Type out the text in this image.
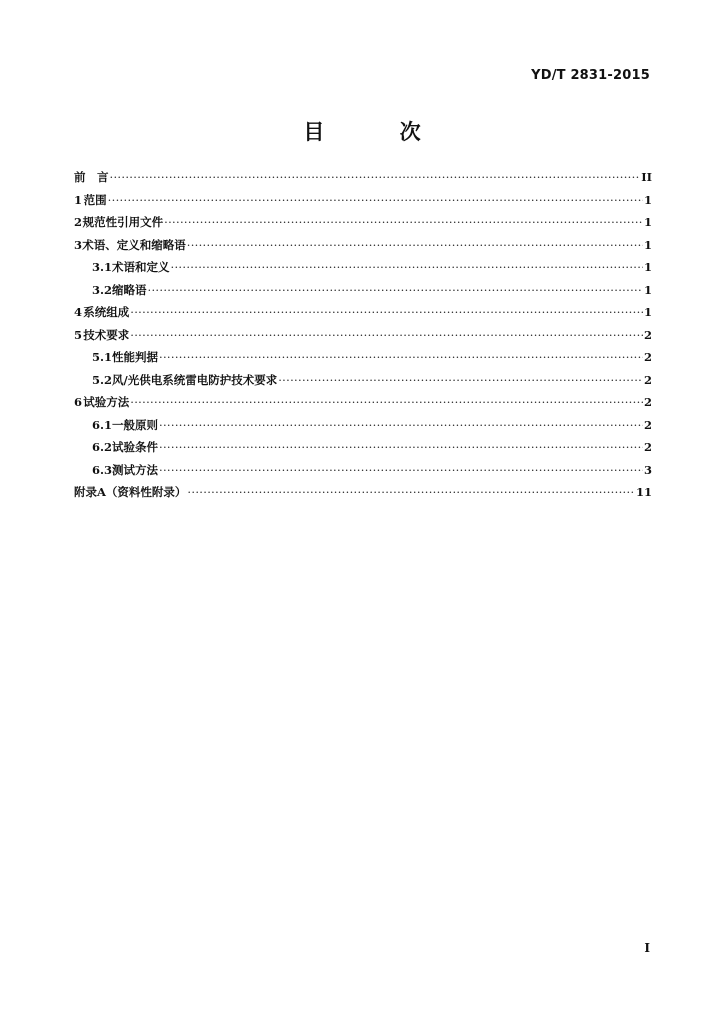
YD/T 2831-2015
目 次
前　言 ·····	II
1 范围 ·····	1
2 规范性引用文件 ·····	1
3 术语、定义和缩略语 ·····	1
3.1 术语和定义 ·····	1
3.2 缩略语 ·····	1
4 系统组成 ·····	1
5 技术要求 ·····	2
5.1 性能判据 ·····	2
5.2 风/光供电系统雷电防护技术要求 ·····	2
6 试验方法 ·····	2
6.1 一般原则 ·····	2
6.2 试验条件 ·····	2
6.3 测试方法 ·····	3
附录A（资料性附录） ·····	11
I
